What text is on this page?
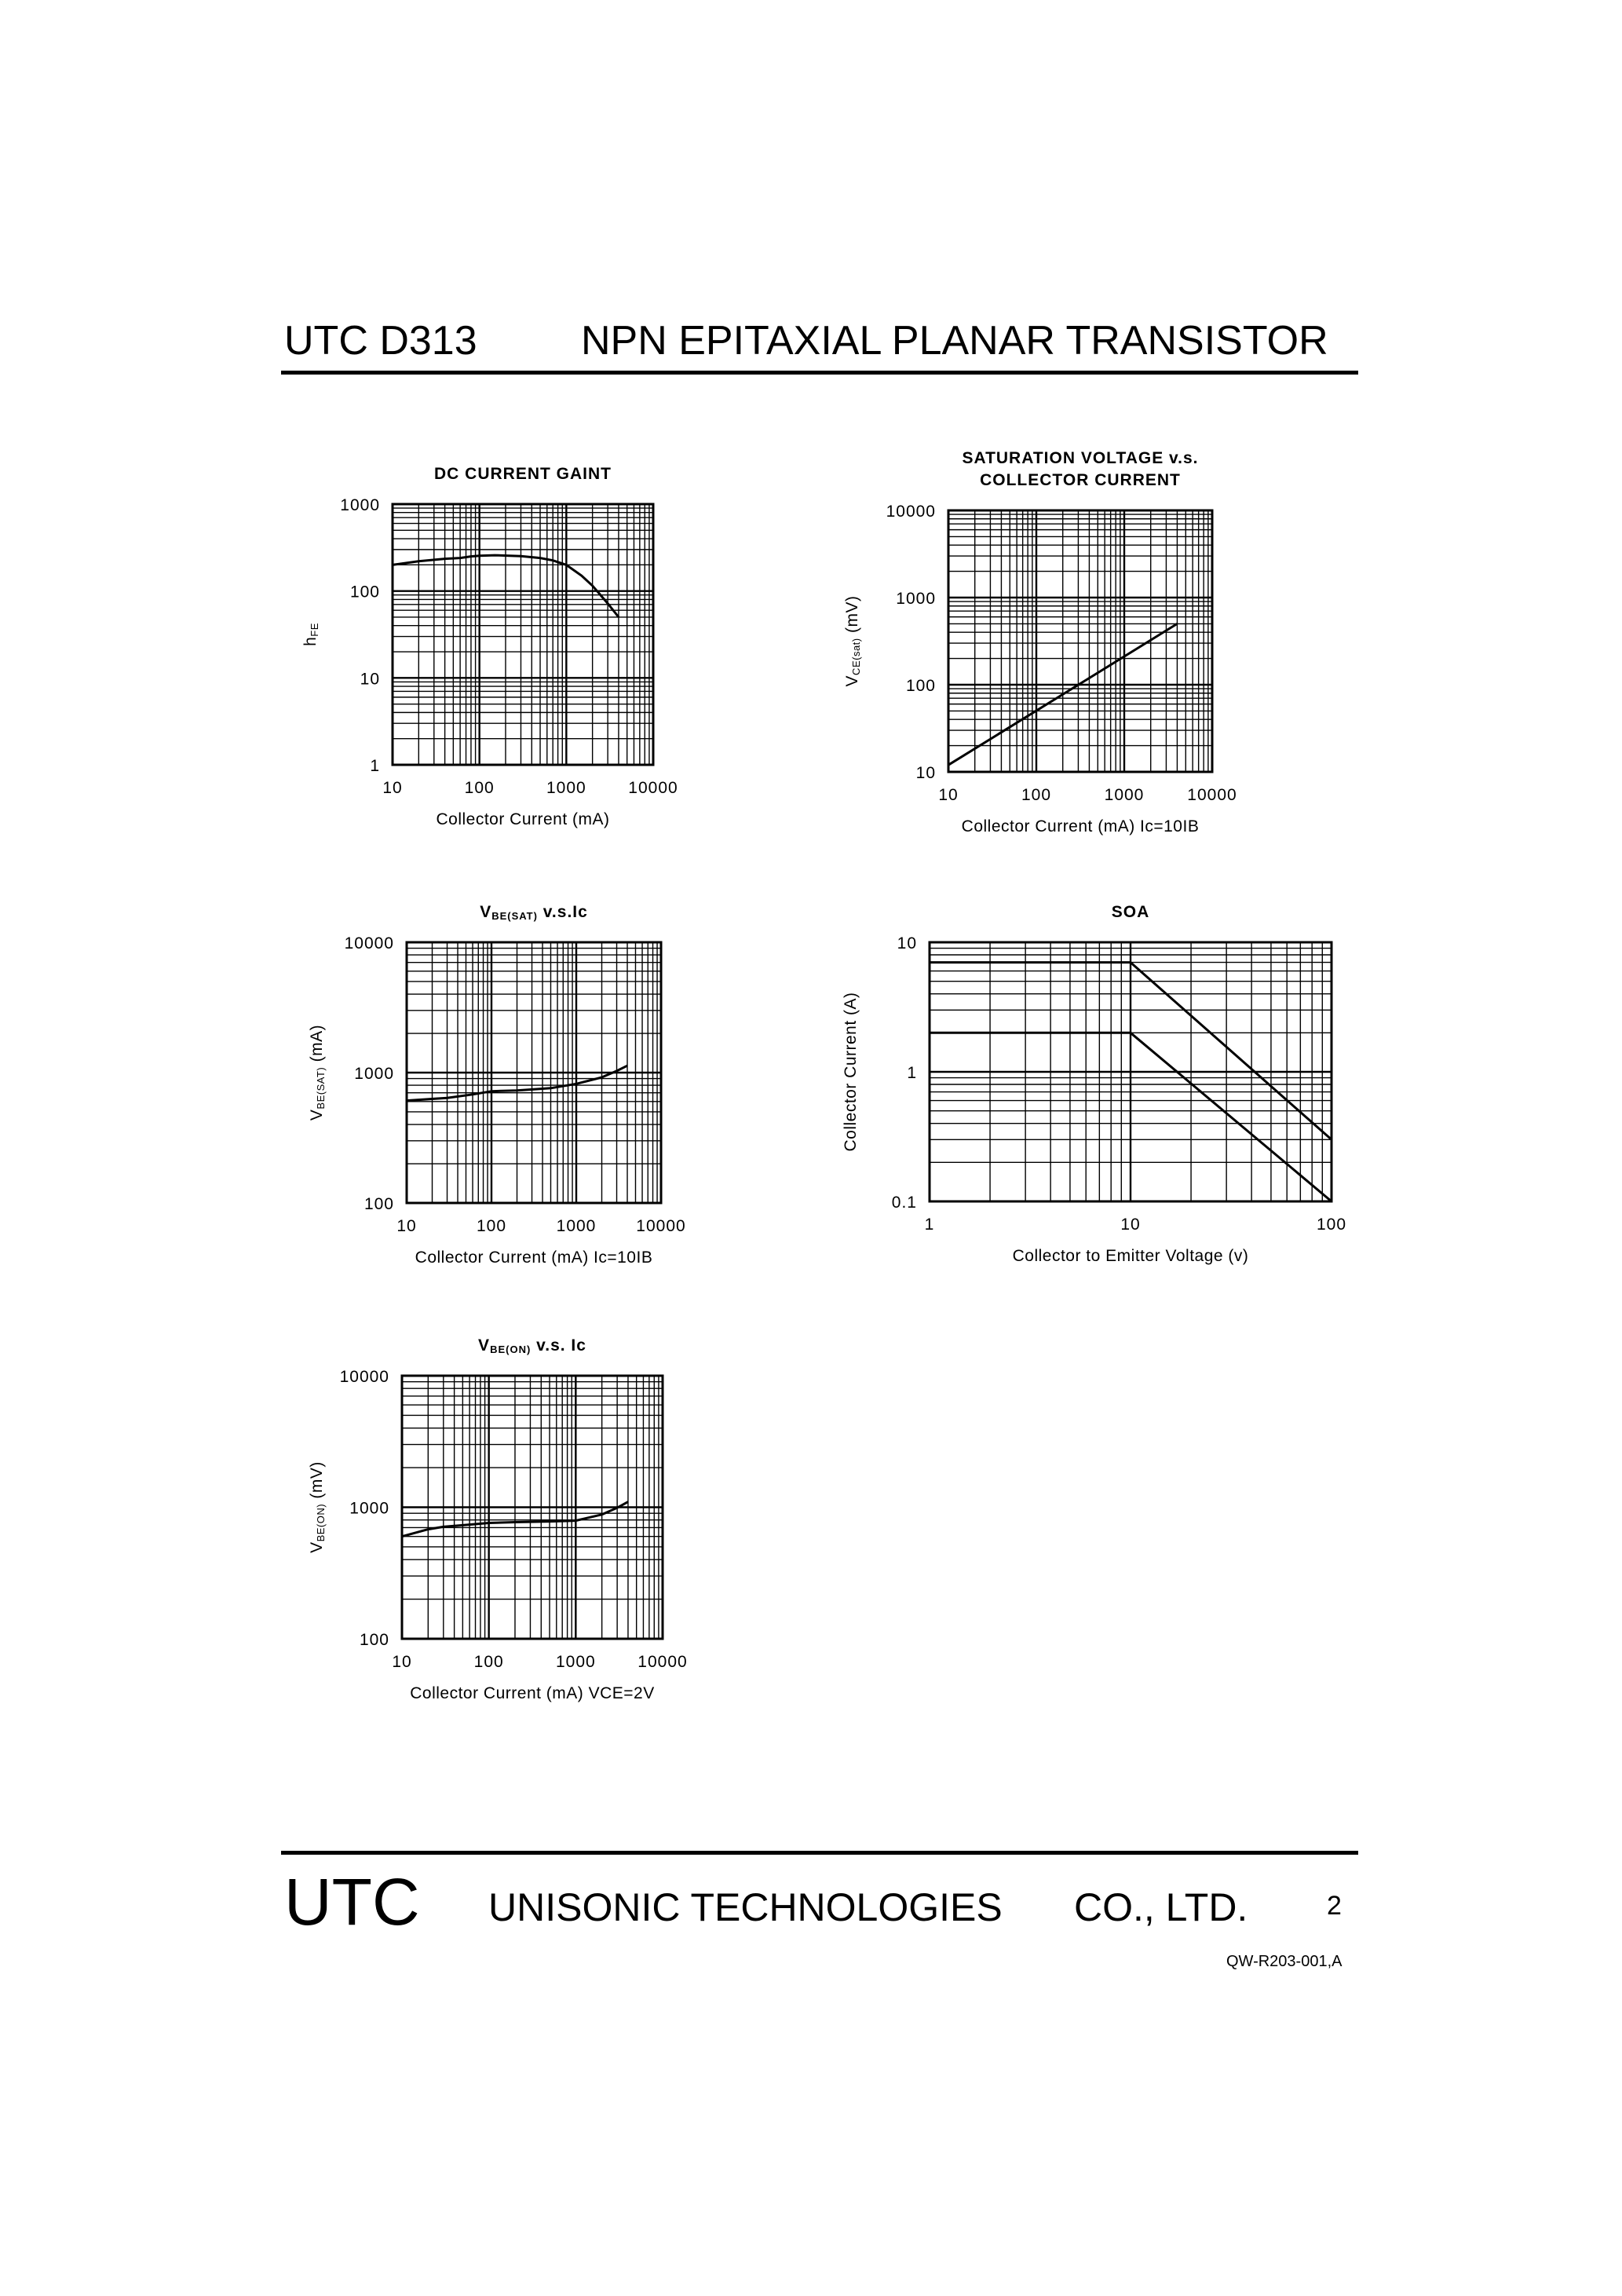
UTC D313	NPN EPITAXIAL PLANAR TRANSISTOR
10	100	1000	10000
1
10
100
1000
DC CURRENT GAINT
Collector Current (mA)
hFE
10	100	1000	10000
10
100
1000
10000
SATURATION VOLTAGE v.s.
COLLECTOR CURRENT
Collector Current (mA) Ic=10IB
VCE(sat) (mV)
10	100	1000 10000
100
1000
10000
VBE(SAT) v.s.Ic
Collector Current (mA) Ic=10IB
VBE(SAT) (mA)
1	10	100
0.1
1
10
SOA
Collector to Emitter Voltage (v)
Collector Current (A)
10	100	1000	10000
100
1000
10000
VBE(ON) v.s. Ic
Collector Current (mA) VCE=2V
VBE(ON) (mV)
UTC UNISONIC TECHNOLOGIES CO., LTD.	2
QW-R203-001,A
